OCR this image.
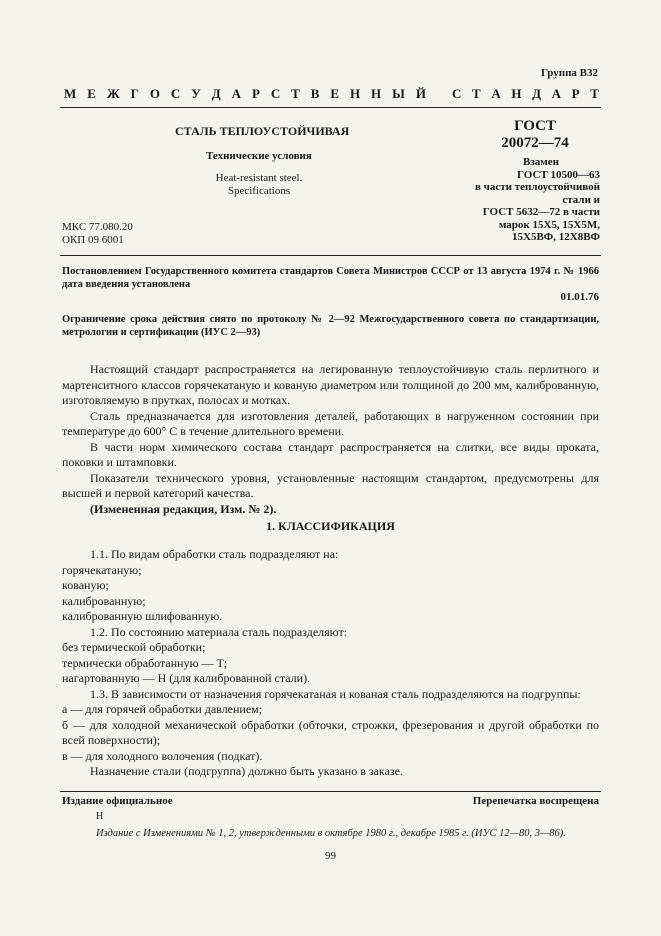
Группа В32
М Е Ж Г О С У Д А Р С Т В Е Н Н Ы Й С Т А Н Д А Р Т
СТАЛЬ ТЕПЛОУСТОЙЧИВАЯ
Технические условия
Heat-resistant steel.
Specifications
ГОСТ
20072—74
Взамен
ГОСТ 10500—63
в части теплоустойчивой
стали и
ГОСТ 5632—72 в части
марок 15X5, 15Х5М,
15Х5ВФ, 12Х8ВФ
МКС 77.080.20
ОКП 09 6001
Постановлением Государственного комитета стандартов Совета Министров СССР от 13 августа 1974 г. № 1966 дата введения установлена
01.01.76
Ограничение срока действия снято по протоколу № 2—92 Межгосударственного совета по стандартизации, метрологии и сертификации (ИУС 2—93)

Настоящий стандарт распространяется на легированную теплоустойчивую сталь перлитного и мартенситного классов горячекатаную и кованую диаметром или толщиной до 200 мм, калиброванную, изготовляемую в прутках, полосах и мотках.

Сталь предназначается для изготовления деталей, работающих в нагруженном состоянии при температуре до 600° С в течение длительного времени.

В части норм химического состава стандарт распространяется на слитки, все виды проката, поковки и штамповки.

Показатели технического уровня, установленные настоящим стандартом, предусмотрены для высшей и первой категорий качества.

(Измененная редакция, Изм. № 2).

1. КЛАССИФИКАЦИЯ

1.1. По видам обработки сталь подразделяют на:

горячекатаную;

кованую;

калиброванную;

калиброванную шлифованную.

1.2. По состоянию материала сталь подразделяют:

без термической обработки;

термически обработанную — Т;

нагартованную — Н (для калиброванной стали).

1.3. В зависимости от назначения горячекатаная и кованая сталь подразделяются на подгруппы:

а — для горячей обработки давлением;

б — для холодной механической обработки (обточки, строжки, фрезерования и другой обработки по всей поверхности);

в — для холодного волочения (подкат).

Назначение стали (подгруппа) должно быть указано в заказе.

Издание официальное	Перепечатка воспрещена
Н
Издание с Изменениями № 1, 2, утвержденными в октябре 1980 г., декабре 1985 г. (ИУС 12—80, 3—86).
99
